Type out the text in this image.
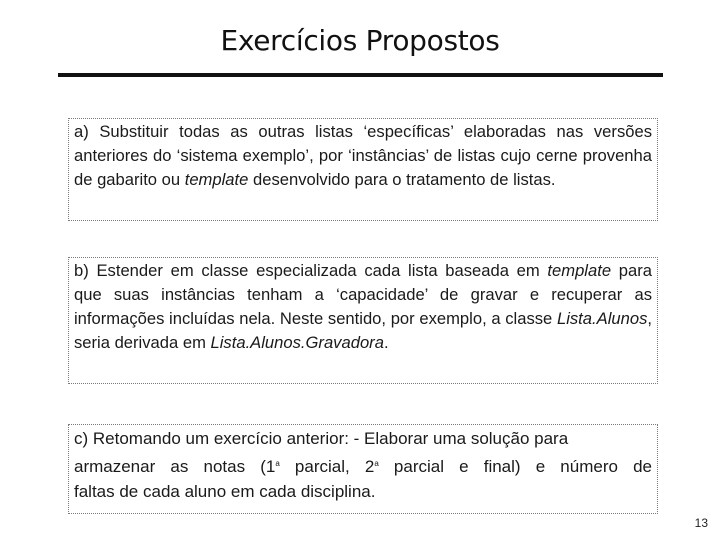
Exercícios Propostos

a) Substituir todas as outras listas ‘específicas’ elaboradas nas versões anteriores do ‘sistema exemplo’, por ‘instâncias’ de listas cujo cerne provenha de gabarito ou template desenvolvido para o tratamento de listas.

b) Estender em classe especializada cada lista baseada em template para que suas instâncias tenham a ‘capacidade’ de gravar e recuperar as informações incluídas nela. Neste sentido, por exemplo, a classe Lista.Alunos, seria derivada em Lista.Alunos.Gravadora.

c) Retomando um exercício anterior: - Elaborar uma solução para

armazenar as notas (1$^a$ parcial, 2$^a$ parcial e final) e número de

faltas de cada aluno em cada disciplina.

13
